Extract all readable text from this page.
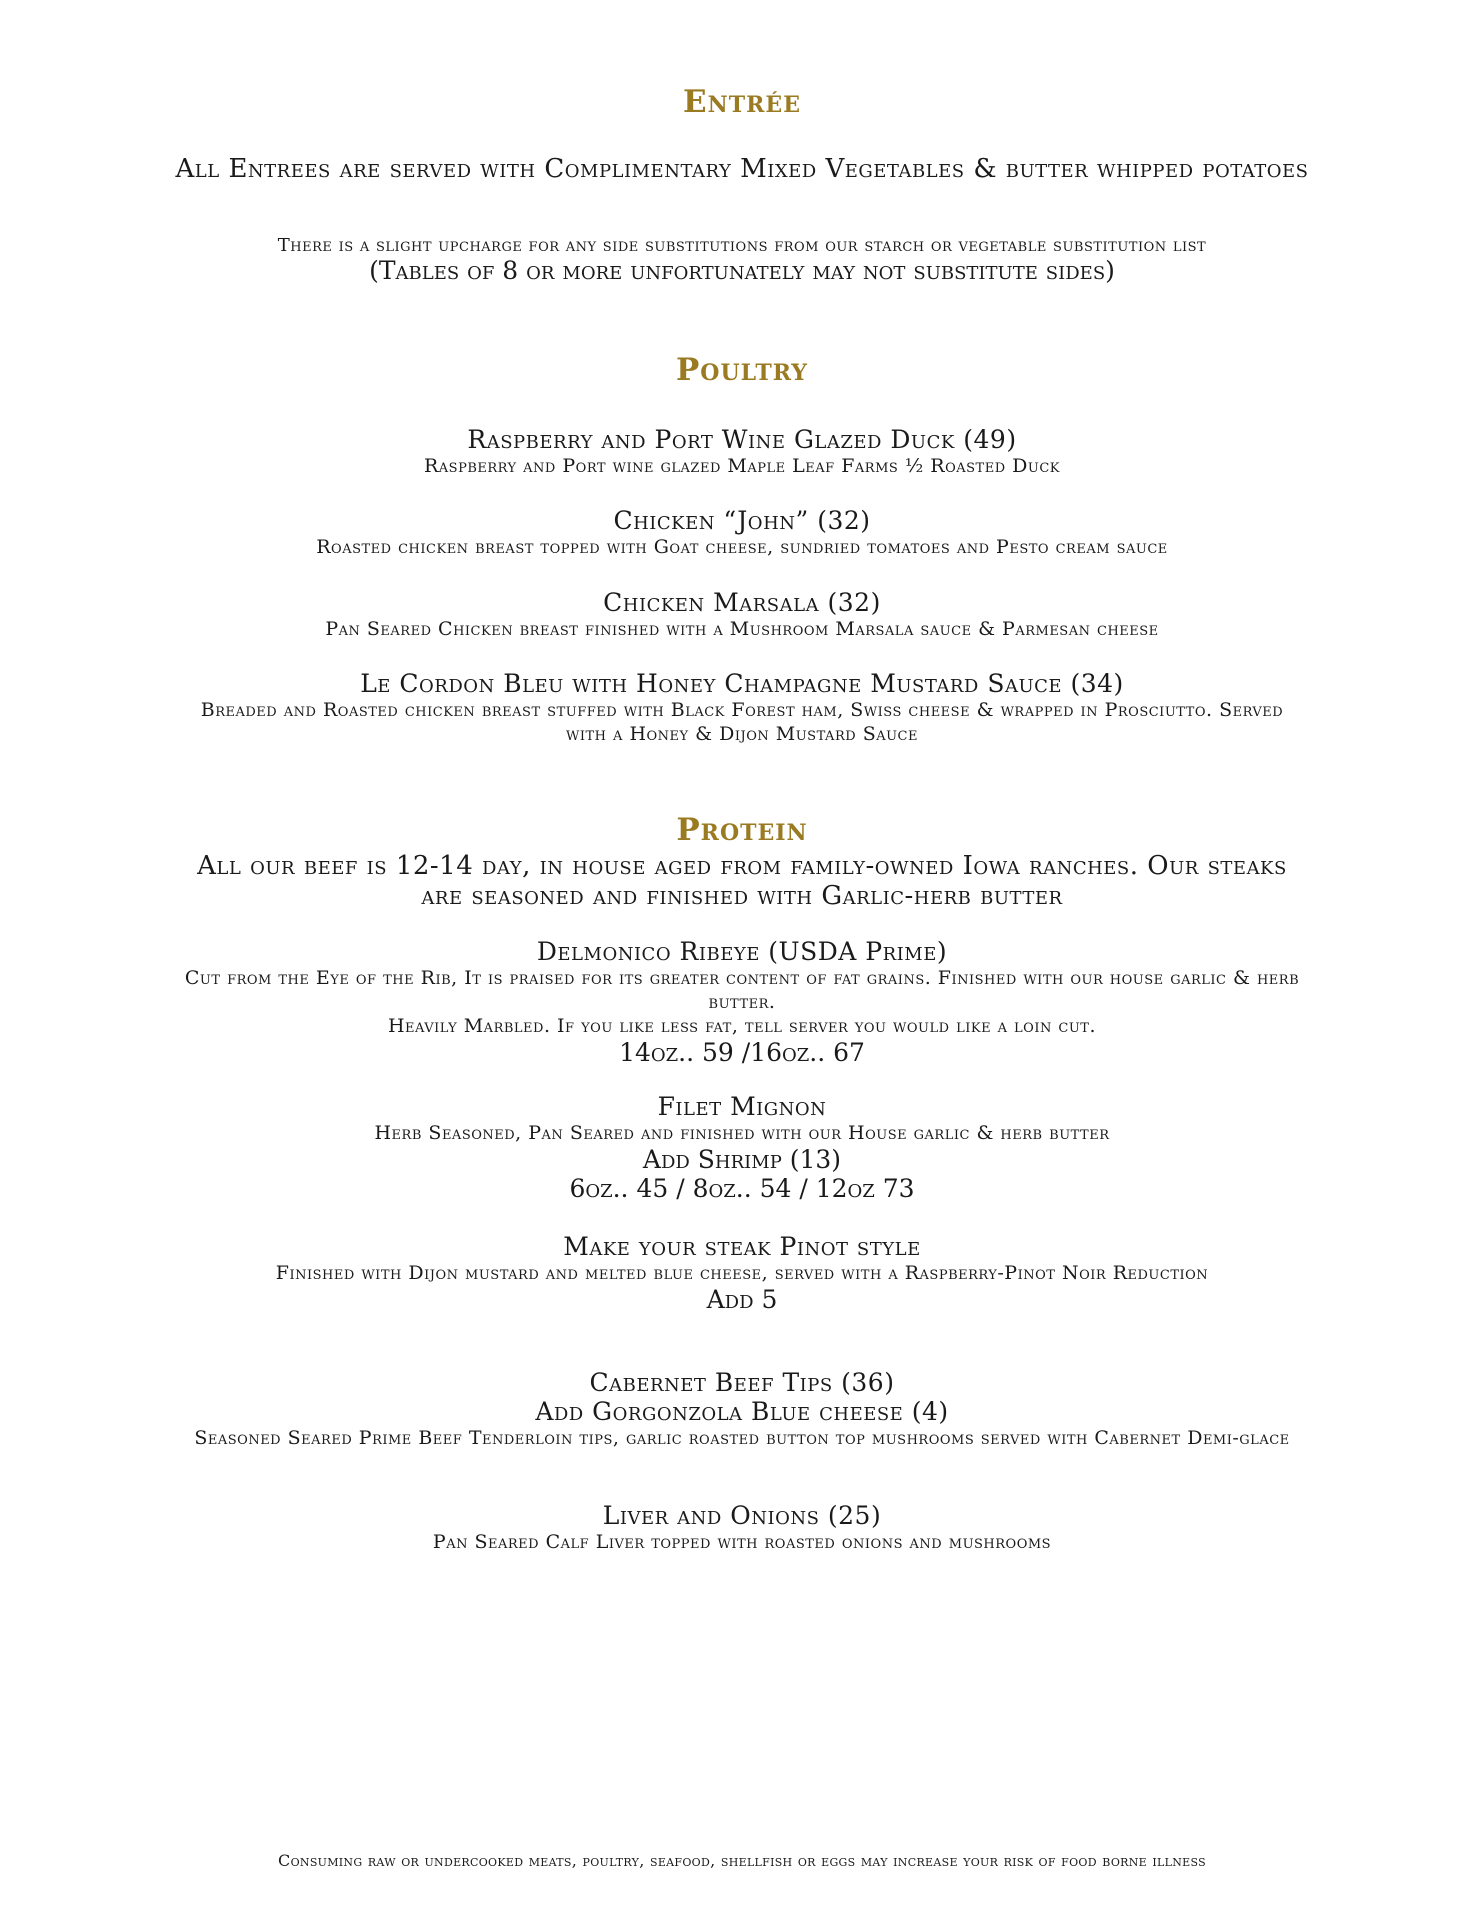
Entrée

All Entrees are served with Complimentary Mixed Vegetables & butter whipped potatoes

There is a slight upcharge for any side substitutions from our starch or vegetable substitution list

(Tables of 8 or more unfortunately may not substitute sides)

Poultry
Raspberry and Port Wine Glazed Duck (49)
Raspberry and Port wine glazed Maple Leaf Farms ½ Roasted Duck
Chicken “John” (32)
Roasted chicken breast topped with Goat cheese, sundried tomatoes and Pesto cream sauce
Chicken Marsala (32)
Pan Seared Chicken breast finished with a Mushroom Marsala sauce & Parmesan cheese
Le Cordon Bleu with Honey Champagne Mustard Sauce (34)
Breaded and Roasted chicken breast stuffed with Black Forest ham, Swiss cheese & wrapped in Prosciutto. Served with a Honey & Dijon Mustard Sauce
Protein

All our beef is 12-14 day, in house aged from family-owned Iowa ranches. Our steaks are seasoned and finished with Garlic-herb butter

Delmonico Ribeye (USDA Prime)
Cut from the Eye of the Rib, It is praised for its greater content of fat grains. Finished with our house garlic & herb butter.
Heavily Marbled. If you like less fat, tell server you would like a loin cut.
14oz.. 59 /16oz.. 67
Filet Mignon
Herb Seasoned, Pan Seared and finished with our House garlic & herb butter
Add Shrimp (13)
6oz.. 45 / 8oz.. 54 / 12oz 73
Make your steak Pinot style
Finished with Dijon mustard and melted blue cheese, served with a Raspberry-Pinot Noir Reduction
Add 5
Cabernet Beef Tips (36)
Add Gorgonzola Blue cheese (4)
Seasoned Seared Prime Beef Tenderloin tips, garlic roasted button top mushrooms served with Cabernet Demi-glace
Liver and Onions (25)
Pan Seared Calf Liver topped with roasted onions and mushrooms

Consuming raw or undercooked meats, poultry, seafood, shellfish or eggs may increase your risk of food borne illness
